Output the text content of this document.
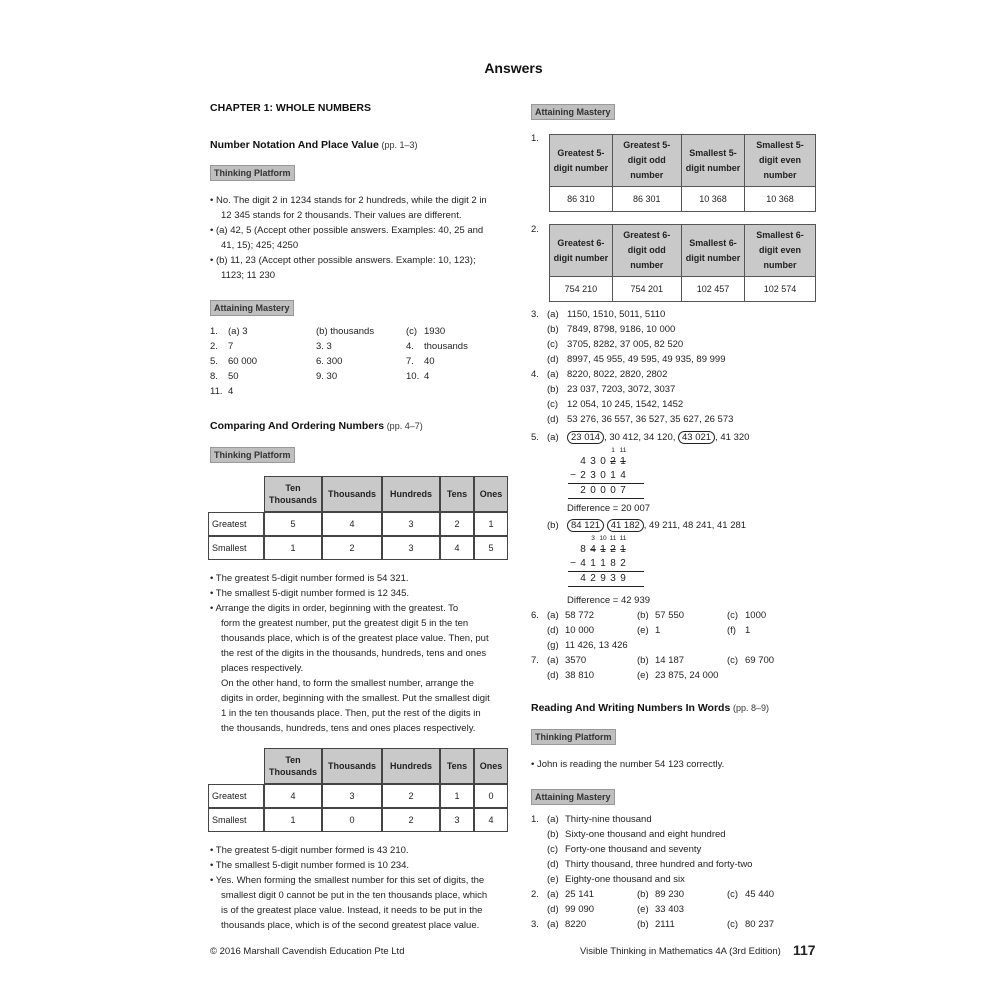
Answers
CHAPTER 1: WHOLE NUMBERS
Number Notation And Place Value (pp. 1–3)
Thinking Platform
• No. The digit 2 in 1234 stands for 2 hundreds, while the digit 2 in
12 345 stands for 2 thousands. Their values are different.
• (a) 42, 5 (Accept other possible answers. Examples: 40, 25 and
41, 15); 425; 4250
• (b) 11, 23 (Accept other possible answers. Example: 10, 123);
1123; 11 230
Attaining Mastery
1. (a) 3	(b) thousands	(c) 1930
2. 7	3. 3	4. thousands
5. 60 000	6. 300	7. 40
8. 50	9. 30	10. 4
11. 4
Comparing And Ordering Numbers (pp. 4–7)
Thinking Platform
	Ten Thousands	Thousands	Hundreds	Tens	Ones
Greatest	5	4	3	2	1
Smallest	1	2	3	4	5
• The greatest 5-digit number formed is 54 321.
• The smallest 5-digit number formed is 12 345.
• Arrange the digits in order, beginning with the greatest. To
form the greatest number, put the greatest digit 5 in the ten
thousands place, which is of the greatest place value. Then, put
the rest of the digits in the thousands, hundreds, tens and ones
places respectively.
On the other hand, to form the smallest number, arrange the
digits in order, beginning with the smallest. Put the smallest digit
1 in the ten thousands place. Then, put the rest of the digits in
the thousands, hundreds, tens and ones places respectively.
	Ten Thousands	Thousands	Hundreds	Tens	Ones
Greatest	4	3	2	1	0
Smallest	1	0	2	3	4
• The greatest 5-digit number formed is 43 210.
• The smallest 5-digit number formed is 10 234.
• Yes. When forming the smallest number for this set of digits, the
smallest digit 0 cannot be put in the ten thousands place, which
is of the greatest place value. Instead, it needs to be put in the
thousands place, which is of the second greatest place value.
Attaining Mastery
1.
Greatest 5-digit number	Greatest 5-digit odd number	Smallest 5-digit number	Smallest 5-digit even number
86 310	86 301	10 368	10 368
2.
Greatest 6-digit number	Greatest 6-digit odd number	Smallest 6-digit number	Smallest 6-digit even number
754 210	754 201	102 457	102 574
3. (a) 1150, 1510, 5011, 5110
(b) 7849, 8798, 9186, 10 000
(c) 3705, 8282, 37 005, 82 520
(d) 8997, 45 955, 49 595, 49 935, 89 999
4. (a) 8220, 8022, 2820, 2802
(b) 23 037, 7203, 3072, 3037
(c) 12 054, 10 245, 1542, 1452
(d) 53 276, 36 557, 36 527, 35 627, 26 573
5. (a)	23 014 , 30 412, 34 120, 43 021 , 41 320
1 11
4 3 0 2 1
− 2 3 0 1 4
2 0 0 0 7
Difference = 20 007
(b)	84 121 41 182 , 49 211, 48 241, 41 281
3 10 11 11
8 4 1 2 1
− 4 1 1 8 2
4 2 9 3 9
Difference = 42 939
6. (a) 58 772	(b) 57 550	(c) 1000
(d) 10 000	(e) 1	(f) 1
(g) 11 426, 13 426
7. (a) 3570	(b) 14 187	(c) 69 700
(d) 38 810	(e) 23 875, 24 000
Reading And Writing Numbers In Words (pp. 8–9)
Thinking Platform
• John is reading the number 54 123 correctly.
Attaining Mastery
1. (a) Thirty-nine thousand
(b) Sixty-one thousand and eight hundred
(c) Forty-one thousand and seventy
(d) Thirty thousand, three hundred and forty-two
(e) Eighty-one thousand and six
2. (a) 25 141	(b) 89 230	(c) 45 440
(d) 99 090	(e) 33 403
3. (a) 8220	(b) 2111	(c) 80 237
© 2016 Marshall Cavendish Education Pte Ltd	Visible Thinking in Mathematics 4A (3rd Edition) 117
